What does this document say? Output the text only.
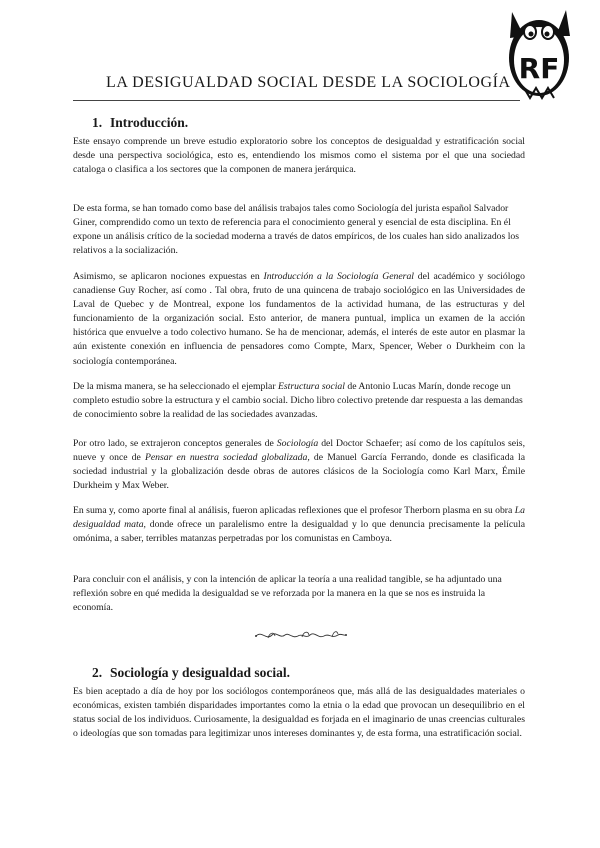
RF
LA DESIGUALDAD SOCIAL DESDE LA SOCIOLOGÍA
1. Introducción.

Este ensayo comprende un breve estudio exploratorio sobre los conceptos de desigualdad y estratificación social desde una perspectiva sociológica, esto es, entendiendo los mismos como el sistema por el que una sociedad cataloga o clasifica a los sectores que la componen de manera jerárquica.

De esta forma, se han tomado como base del análisis trabajos tales como Sociología del jurista español Salvador Giner, comprendido como un texto de referencia para el conocimiento general y esencial de esta disciplina. En él expone un análisis crítico de la sociedad moderna a través de datos empíricos, de los cuales han sido analizados los relativos a la socialización.

Asimismo, se aplicaron nociones expuestas en Introducción a la Sociología General del académico y sociólogo canadiense Guy Rocher, así como . Tal obra, fruto de una quincena de trabajo sociológico en las Universidades de Laval de Quebec y de Montreal, expone los fundamentos de la actividad humana, de las estructuras y del funcionamiento de la organización social. Esto anterior, de manera puntual, implica un examen de la acción histórica que envuelve a todo colectivo humano. Se ha de mencionar, además, el interés de este autor en plasmar la aún existente conexión en influencia de pensadores como Compte, Marx, Spencer, Weber o Durkheim con la sociología contemporánea.

De la misma manera, se ha seleccionado el ejemplar Estructura social de Antonio Lucas Marín, donde recoge un completo estudio sobre la estructura y el cambio social. Dicho libro colectivo pretende dar respuesta a las demandas de conocimiento sobre la realidad de las sociedades avanzadas.

Por otro lado, se extrajeron conceptos generales de Sociología del Doctor Schaefer; así como de los capítulos seis, nueve y once de Pensar en nuestra sociedad globalizada, de Manuel García Ferrando, donde es clasificada la sociedad industrial y la globalización desde obras de autores clásicos de la Sociología como Karl Marx, Émile Durkheim y Max Weber.

En suma y, como aporte final al análisis, fueron aplicadas reflexiones que el profesor Therborn plasma en su obra La desigualdad mata, donde ofrece un paralelismo entre la desigualdad y lo que denuncia precisamente la película omónima, a saber, terribles matanzas perpetradas por los comunistas en Camboya.

Para concluir con el análisis, y con la intención de aplicar la teoría a una realidad tangible, se ha adjuntado una reflexión sobre en qué medida la desigualdad se ve reforzada por la manera en la que se nos es instruida la economía.

2. Sociología y desigualdad social.

Es bien aceptado a día de hoy por los sociólogos contemporáneos que, más allá de las desigualdades materiales o económicas, existen también disparidades importantes como la etnia o la edad que provocan un desequilibrio en el status social de los individuos. Curiosamente, la desigualdad es forjada en el imaginario de unas creencias culturales o ideologías que son tomadas para legitimizar unos intereses dominantes y, de esta forma, una estratificación social.
